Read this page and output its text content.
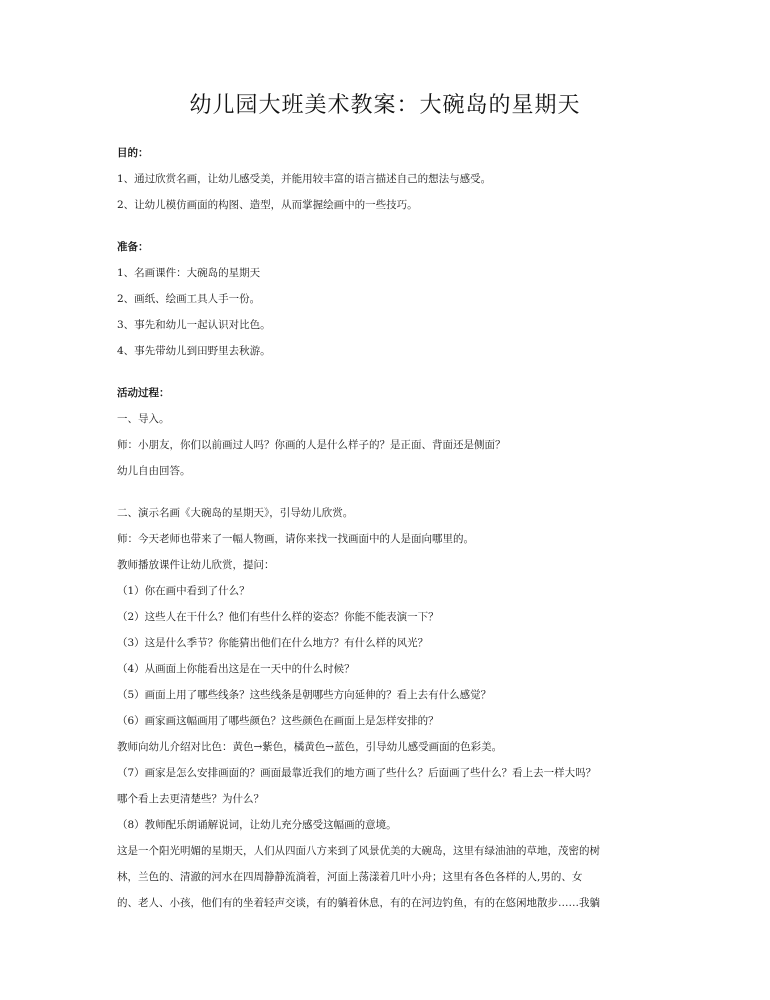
幼儿园大班美术教案：大碗岛的星期天

目的：

1、通过欣赏名画，让幼儿感受美，并能用较丰富的语言描述自己的想法与感受。

2、让幼儿模仿画面的构图、造型，从而掌握绘画中的一些技巧。

准备：

1、名画课件：大碗岛的星期天

2、画纸、绘画工具人手一份。

3、事先和幼儿一起认识对比色。

4、事先带幼儿到田野里去秋游。

活动过程：

一、导入。

师：小朋友，你们以前画过人吗？你画的人是什么样子的？是正面、背面还是侧面？

幼儿自由回答。

二、演示名画《大碗岛的星期天》，引导幼儿欣赏。

师：今天老师也带来了一幅人物画，请你来找一找画面中的人是面向哪里的。

教师播放课件让幼儿欣赏，提问：

（1）你在画中看到了什么？

（2）这些人在干什么？他们有些什么样的姿态？你能不能表演一下？

（3）这是什么季节？你能猜出他们在什么地方？有什么样的风光？

（4）从画面上你能看出这是在一天中的什么时候？

（5）画面上用了哪些线条？这些线条是朝哪些方向延伸的？看上去有什么感觉？

（6）画家画这幅画用了哪些颜色？这些颜色在画面上是怎样安排的？

教师向幼儿介绍对比色：黄色→紫色，橘黄色→蓝色，引导幼儿感受画面的色彩美。

（7）画家是怎么安排画面的？画面最靠近我们的地方画了些什么？后面画了些什么？看上去一样大吗？

哪个看上去更清楚些？为什么？

（8）教师配乐朗诵解说词，让幼儿充分感受这幅画的意境。

这是一个阳光明媚的星期天，人们从四面八方来到了风景优美的大碗岛，这里有绿油油的草地，茂密的树

林，兰色的、清澈的河水在四周静静流淌着，河面上荡漾着几叶小舟；这里有各色各样的人,男的、女

的、老人、小孩，他们有的坐着轻声交谈，有的躺着休息，有的在河边钓鱼，有的在悠闲地散步……我躺
